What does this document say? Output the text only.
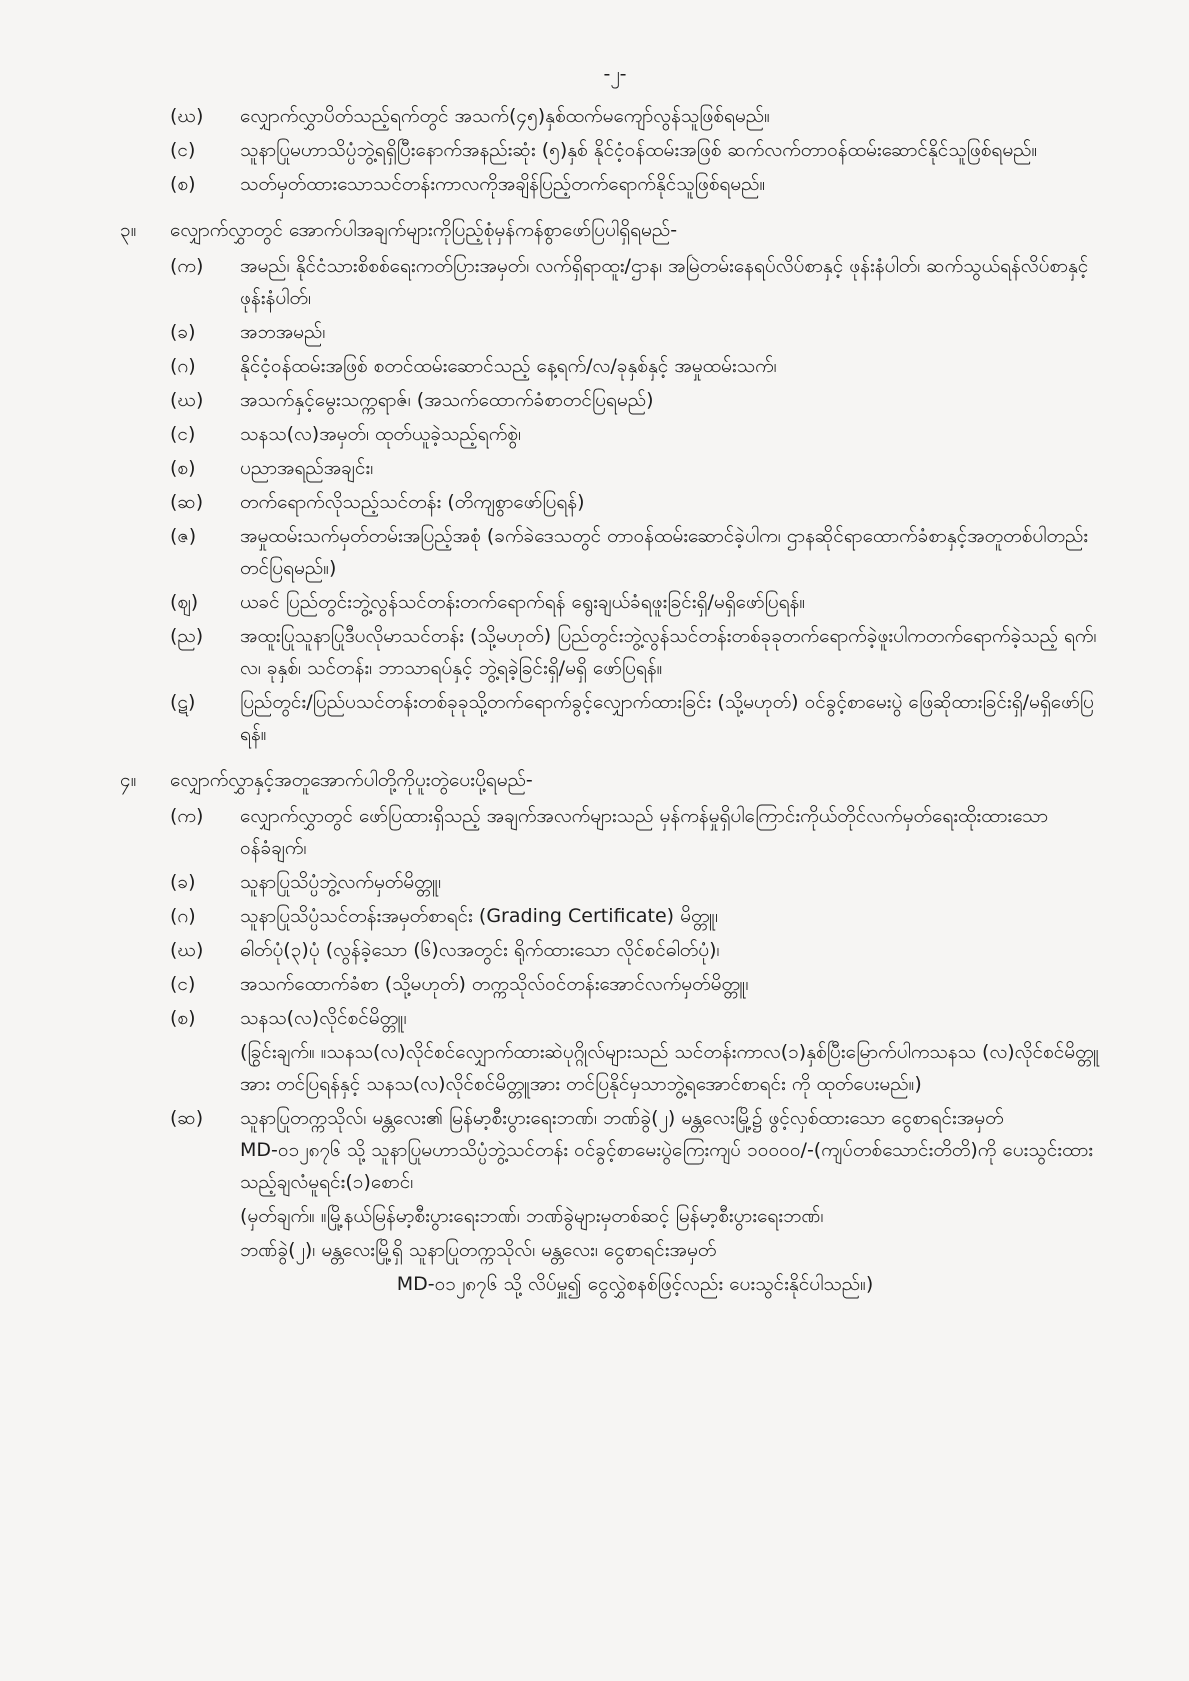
-၂-
(ဃ)	လျှောက်လွှာပိတ်သည့်ရက်တွင် အသက်(၄၅)နှစ်ထက်မကျော်လွန်သူဖြစ်ရမည်။
(င)	သူနာပြုမဟာသိပ္ပံဘွဲ့ရရှိပြီးနောက်အနည်းဆုံး (၅)နှစ် နိုင်ငံ့ဝန်ထမ်းအဖြစ် ဆက်လက်တာဝန်ထမ်းဆောင်နိုင်သူဖြစ်ရမည်။
(စ)	သတ်မှတ်ထားသောသင်တန်းကာလကိုအချိန်ပြည့်တက်ရောက်နိုင်သူဖြစ်ရမည်။
၃။	လျှောက်လွှာတွင် အောက်ပါအချက်များကိုပြည့်စုံမှန်ကန်စွာဖော်ပြပါရှိရမည်-
(က)	အမည်၊ နိုင်ငံသားစိစစ်ရေးကတ်ပြားအမှတ်၊ လက်ရှိရာထူး/ဌာန၊ အမြဲတမ်းနေရပ်လိပ်စာနှင့် ဖုန်းနံပါတ်၊ ဆက်သွယ်ရန်လိပ်စာနှင့် ဖုန်းနံပါတ်၊
(ခ)	အဘအမည်၊
(ဂ)	နိုင်ငံ့ဝန်ထမ်းအဖြစ် စတင်ထမ်းဆောင်သည့် နေ့ရက်/လ/ခုနှစ်နှင့် အမှုထမ်းသက်၊
(ဃ)	အသက်နှင့်မွေးသက္ကရာဇ်၊ (အသက်ထောက်ခံစာတင်ပြရမည်)
(င)	သနသ(လ)အမှတ်၊ ထုတ်ယူခဲ့သည့်ရက်စွဲ၊
(စ)	ပညာအရည်အချင်း၊
(ဆ)	တက်ရောက်လိုသည့်သင်တန်း (တိကျစွာဖော်ပြရန်)
(ဇ)	အမှုထမ်းသက်မှတ်တမ်းအပြည့်အစုံ (ခက်ခဲဒေသတွင် တာဝန်ထမ်းဆောင်ခဲ့ပါက၊ ဌာနဆိုင်ရာထောက်ခံစာနှင့်အတူတစ်ပါတည်းတင်ပြရမည်။)
(ဈ)	ယခင် ပြည်တွင်းဘွဲ့လွန်သင်တန်းတက်ရောက်ရန် ရွေးချယ်ခံရဖူးခြင်းရှိ/မရှိဖော်ပြရန်။
(ည)	အထူးပြုသူနာပြုဒီပလိုမာသင်တန်း (သို့မဟုတ်) ပြည်တွင်းဘွဲ့လွန်သင်တန်းတစ်ခုခုတက်ရောက်ခဲ့ဖူးပါကတက်ရောက်ခဲ့သည့် ရက်၊ လ၊ ခုနှစ်၊ သင်တန်း၊ ဘာသာရပ်နှင့် ဘွဲ့ရခဲ့ခြင်းရှိ/မရှိ ဖော်ပြရန်။
(ဋ)	ပြည်တွင်း/ပြည်ပသင်တန်းတစ်ခုခုသို့တက်ရောက်ခွင့်လျှောက်ထားခြင်း (သို့မဟုတ်) ဝင်ခွင့်စာမေးပွဲ ဖြေဆိုထားခြင်းရှိ/မရှိဖော်ပြရန်။
၄။	လျှောက်လွှာနှင့်အတူအောက်ပါတို့ကိုပူးတွဲပေးပို့ရမည်-
(က)	လျှောက်လွှာတွင် ဖော်ပြထားရှိသည့် အချက်အလက်များသည် မှန်ကန်မှုရှိပါကြောင်းကိုယ်တိုင်လက်မှတ်ရေးထိုးထားသောဝန်ခံချက်၊
(ခ)	သူနာပြုသိပ္ပံဘွဲ့လက်မှတ်မိတ္တူ၊
(ဂ)	သူနာပြုသိပ္ပံသင်တန်းအမှတ်စာရင်း (Grading Certificate) မိတ္တူ၊
(ဃ)	ဓါတ်ပုံ(၃)ပုံ (လွန်ခဲ့သော (၆)လအတွင်း ရိုက်ထားသော လိုင်စင်ဓါတ်ပုံ)၊
(င)	အသက်ထောက်ခံစာ (သို့မဟုတ်) တက္ကသိုလ်ဝင်တန်းအောင်လက်မှတ်မိတ္တူ၊
(စ)	သနသ(လ)လိုင်စင်မိတ္တူ၊
(ခြွင်းချက်။ ။သနသ(လ)လိုင်စင်လျှောက်ထားဆဲပုဂ္ဂိုလ်များသည် သင်တန်းကာလ(၁)နှစ်ပြီးမြောက်ပါကသနသ (လ)လိုင်စင်မိတ္တူအား တင်ပြရန်နှင့် သနသ(လ)လိုင်စင်မိတ္တူအား တင်ပြနိုင်မှသာဘွဲ့ရအောင်စာရင်း ကို ထုတ်ပေးမည်။)
(ဆ)	သူနာပြုတက္ကသိုလ်၊ မန္တလေး၏ မြန်မာ့စီးပွားရေးဘဏ်၊ ဘဏ်ခွဲ(၂) မန္တလေးမြို့၌ ဖွင့်လှစ်ထားသော ငွေစာရင်းအမှတ် MD-၀၁၂၈၇၆ သို့ သူနာပြုမဟာသိပ္ပံဘွဲ့သင်တန်း ဝင်ခွင့်စာမေးပွဲကြေးကျပ် ၁၀၀၀၀/-(ကျပ်တစ်သောင်းတိတိ)ကို ပေးသွင်းထားသည့်ချလံမူရင်း(၁)စောင်၊
(မှတ်ချက်။ ။မြို့နယ်မြန်မာ့စီးပွားရေးဘဏ်၊ ဘဏ်ခွဲများမှတစ်ဆင့် မြန်မာ့စီးပွားရေးဘဏ်၊
ဘဏ်ခွဲ(၂)၊ မန္တလေးမြို့ရှိ သူနာပြုတက္ကသိုလ်၊ မန္တလေး၊ ငွေစာရင်းအမှတ်
MD-၀၁၂၈၇၆ သို့ လိပ်မှူ၍ ငွေလွှဲစနစ်ဖြင့်လည်း ပေးသွင်းနိုင်ပါသည်။)
